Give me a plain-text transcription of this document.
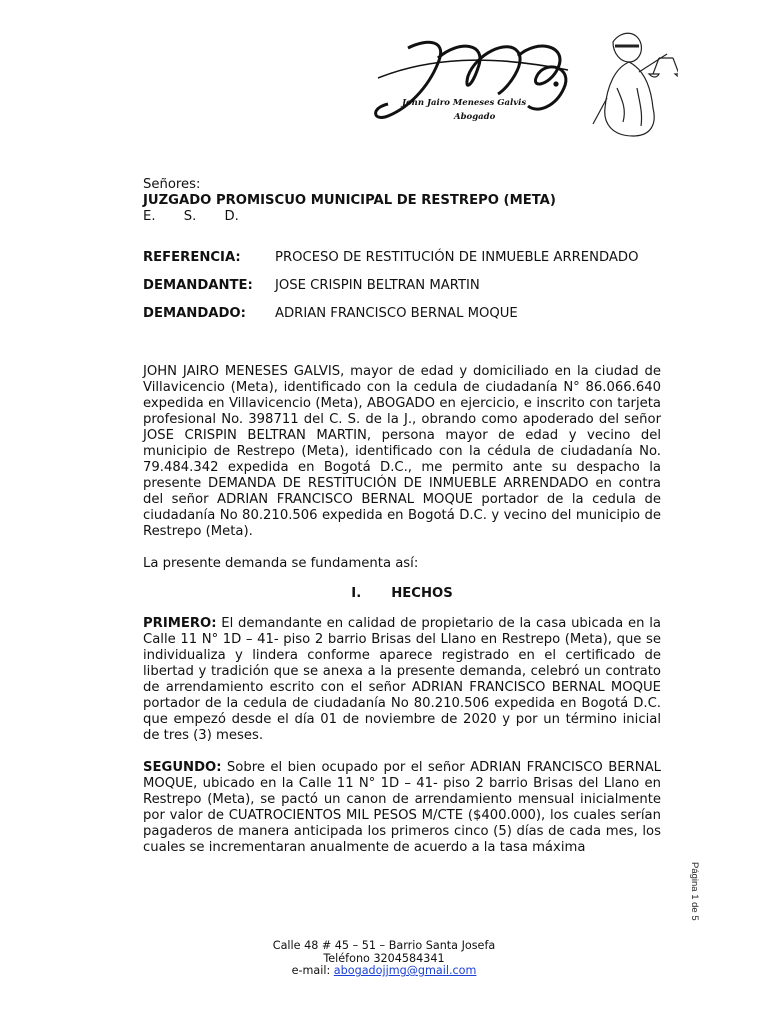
John Jairo Meneses Galvis
Abogado
Señores:
JUZGADO PROMISCUO MUNICIPAL DE RESTREPO (META)
E. S. D.
REFERENCIA:	PROCESO DE RESTITUCIÓN DE INMUEBLE ARRENDADO
DEMANDANTE:	JOSE CRISPIN BELTRAN MARTIN
DEMANDADO:	ADRIAN FRANCISCO BERNAL MOQUE

JOHN JAIRO MENESES GALVIS, mayor de edad y domiciliado en la ciudad de Villavicencio (Meta), identificado con la cedula de ciudadanía N° 86.066.640 expedida en Villavicencio (Meta), ABOGADO en ejercicio, e inscrito con tarjeta profesional No. 398711 del C. S. de la J., obrando como apoderado del señor JOSE CRISPIN BELTRAN MARTIN, persona mayor de edad y vecino del municipio de Restrepo (Meta), identificado con la cédula de ciudadanía No. 79.484.342 expedida en Bogotá D.C., me permito ante su despacho la presente DEMANDA DE RESTITUCIÓN DE INMUEBLE ARRENDADO en contra del señor ADRIAN FRANCISCO BERNAL MOQUE portador de la cedula de ciudadanía No 80.210.506 expedida en Bogotá D.C. y vecino del municipio de Restrepo (Meta).

La presente demanda se fundamenta así:

I. HECHOS

PRIMERO: El demandante en calidad de propietario de la casa ubicada en la Calle 11 N° 1D – 41- piso 2 barrio Brisas del Llano en Restrepo (Meta), que se individualiza y lindera conforme aparece registrado en el certificado de libertad y tradición que se anexa a la presente demanda, celebró un contrato de arrendamiento escrito con el señor ADRIAN FRANCISCO BERNAL MOQUE portador de la cedula de ciudadanía No 80.210.506 expedida en Bogotá D.C. que empezó desde el día 01 de noviembre de 2020 y por un término inicial de tres (3) meses.

SEGUNDO: Sobre el bien ocupado por el señor ADRIAN FRANCISCO BERNAL MOQUE, ubicado en la Calle 11 N° 1D – 41- piso 2 barrio Brisas del Llano en Restrepo (Meta), se pactó un canon de arrendamiento mensual inicialmente por valor de CUATROCIENTOS MIL PESOS M/CTE ($400.000), los cuales serían pagaderos de manera anticipada los primeros cinco (5) días de cada mes, los cuales se incrementaran anualmente de acuerdo a la tasa máxima

Página 1 de 5
Calle 48 # 45 – 51 – Barrio Santa Josefa
Teléfono 3204584341
e-mail: abogadojjmg@gmail.com
